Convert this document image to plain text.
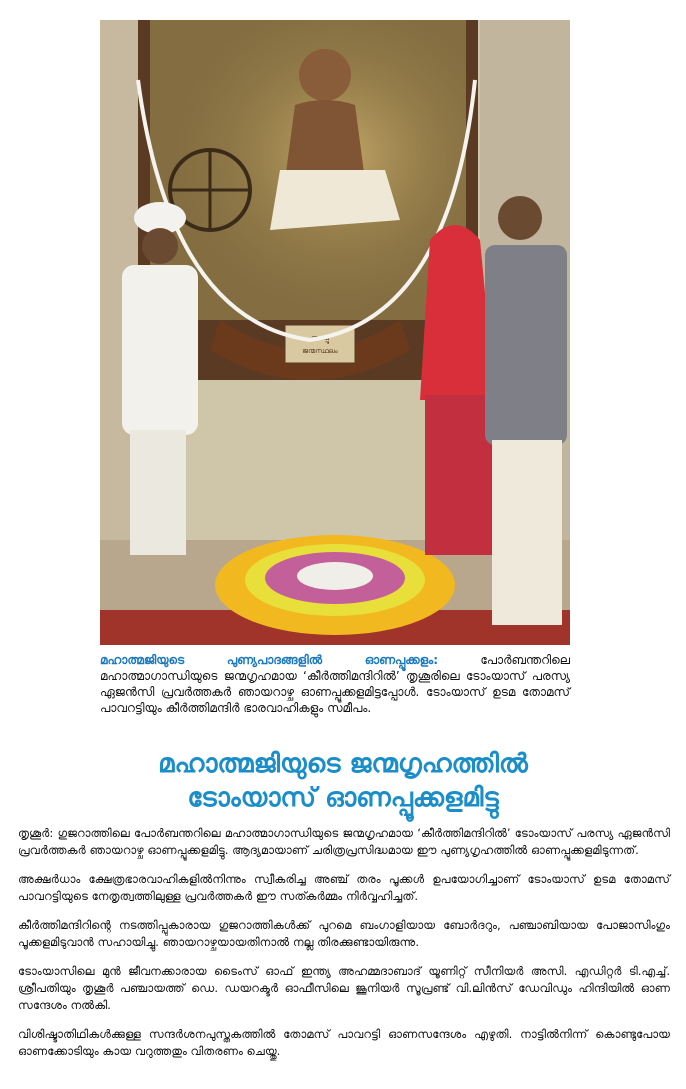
ബാപ്പു
ജന്മസ്ഥലം
മഹാത്മജിയുടെ പുണ്യപാദങ്ങളിൽ ഓണപ്പൂക്കളം: പോർബന്തറിലെ മഹാത്മാഗാന്ധിയുടെ ജന്മഗൃഹമായ ‘കീർത്തിമന്ദിറിൽ’ തൃശൂരിലെ ടോംയാസ് പരസ്യ ഏജൻസി പ്രവർത്തകർ ഞായറാഴ്ച ഓണപ്പൂക്കളമിട്ടപ്പോൾ. ടോംയാസ് ഉടമ തോമസ് പാവറട്ടിയും കീർത്തിമന്ദിർ ഭാരവാഹികളും സമീപം.
മഹാത്മജിയുടെ ജന്മഗൃഹത്തിൽ
ടോംയാസ് ഓണപ്പൂക്കളമിട്ടു

തൃശൂർ: ഗുജറാത്തിലെ പോർബന്തറിലെ മഹാത്മാഗാന്ധിയുടെ ജന്മഗൃഹമായ ‘കീർത്തിമന്ദിറിൽ’ ടോംയാസ് പരസ്യ ഏജൻസി പ്രവർത്തകർ ഞായറാഴ്ച ഓണപ്പൂക്കളമിട്ടു. ആദ്യമായാണ് ചരിത്രപ്രസിദ്ധമായ ഈ പുണ്യഗൃഹത്തിൽ ഓണപ്പൂക്കളമിടുന്നത്.

അക്ഷർധാം ക്ഷേത്രഭാരവാഹികളിൽനിന്നും സ്വീകരിച്ച അഞ്ച് തരം പൂക്കൾ ഉപയോഗിച്ചാണ് ടോംയാസ് ഉടമ തോമസ് പാവറട്ടിയുടെ നേതൃത്വത്തിലുള്ള പ്രവർത്തകർ ഈ സത്കർമ്മം നിർവ്വഹിച്ചത്.

കീർത്തിമന്ദിറിന്റെ നടത്തിപ്പുകാരായ ഗുജറാത്തികൾക്ക് പുറമെ ബംഗാളിയായ ബോർദറും, പഞ്ചാബിയായ പോജാസിംഗും പൂക്കളമിടുവാൻ സഹായിച്ചു. ഞായറാഴ്ചയായതിനാൽ നല്ല തിരക്കുണ്ടായിരുന്നു.

ടോംയാസിലെ മുൻ ജീവനക്കാരായ ടൈംസ് ഓഫ് ഇന്ത്യ അഹമ്മദാബാദ് യൂണിറ്റ് സീനിയർ അസി. എഡിറ്റർ ടി.എച്ച്. ശ്രീപതിയും തൃശൂർ പഞ്ചായത്ത് ഡെ. ഡയറക്ടർ ഓഫീസിലെ ജൂനിയർ സൂപ്രണ്ട് വി.ലിൻസ് ഡേവിഡും ഹിന്ദിയിൽ ഓണ സന്ദേശം നൽകി.

വിശിഷ്ടാതിഥികൾക്കുള്ള സന്ദർശനപുസ്തകത്തിൽ തോമസ് പാവറട്ടി ഓണസന്ദേശം എഴുതി. നാട്ടിൽനിന്ന് കൊണ്ടുപോയ ഓണക്കോടിയും കായ വറുത്തതും വിതരണം ചെയ്തു.
